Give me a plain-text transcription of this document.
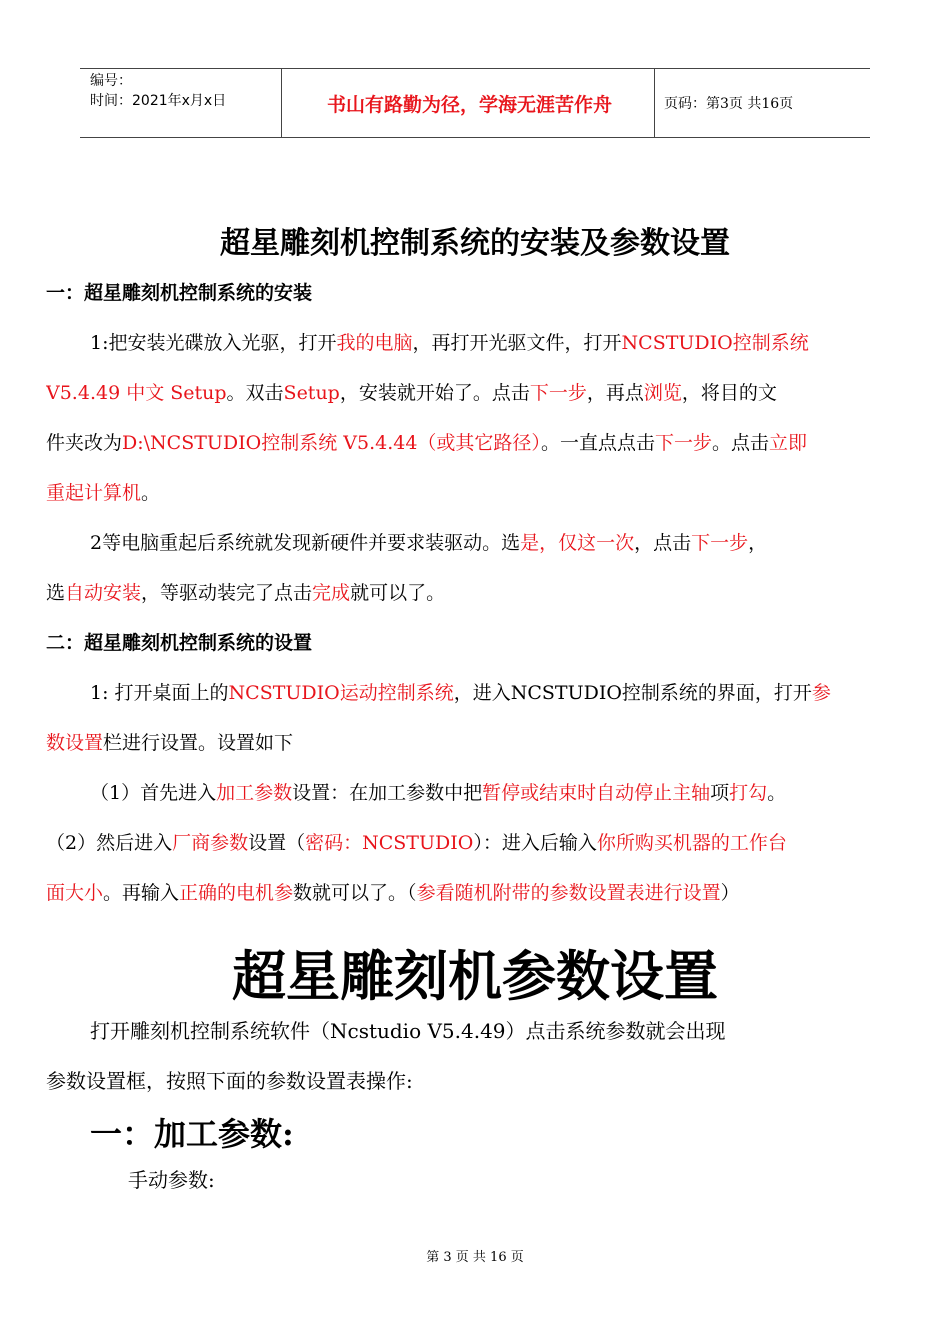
编号：
时间：2021年x月x日	书山有路勤为径，学海无涯苦作舟	页码：第3页 共16页
超星雕刻机控制系统的安装及参数设置
一：超星雕刻机控制系统的安装
1:把安装光碟放入光驱，打开我的电脑，再打开光驱文件，打开NCSTUDIO控制系统
V5.4.49 中文 Setup。双击Setup，安装就开始了。点击下一步，再点浏览，将目的文
件夹改为D:\NCSTUDIO控制系统 V5.4.44（或其它路径）。一直点点击下一步。点击立即
重起计算机。
2等电脑重起后系统就发现新硬件并要求装驱动。选是，仅这一次，点击下一步，
选自动安装，等驱动装完了点击完成就可以了。
二：超星雕刻机控制系统的设置
1: 打开桌面上的NCSTUDIO运动控制系统，进入NCSTUDIO控制系统的界面，打开参
数设置栏进行设置。设置如下
（1）首先进入加工参数设置：在加工参数中把暂停或结束时自动停止主轴项打勾。
（2）然后进入厂商参数设置（密码：NCSTUDIO）：进入后输入你所购买机器的工作台
面大小。再输入正确的电机参数就可以了。（参看随机附带的参数设置表进行设置）
超星雕刻机参数设置
打开雕刻机控制系统软件（Ncstudio V5.4.49）点击系统参数就会出现
参数设置框，按照下面的参数设置表操作:
一：加工参数:
手动参数:
第 3 页 共 16 页
